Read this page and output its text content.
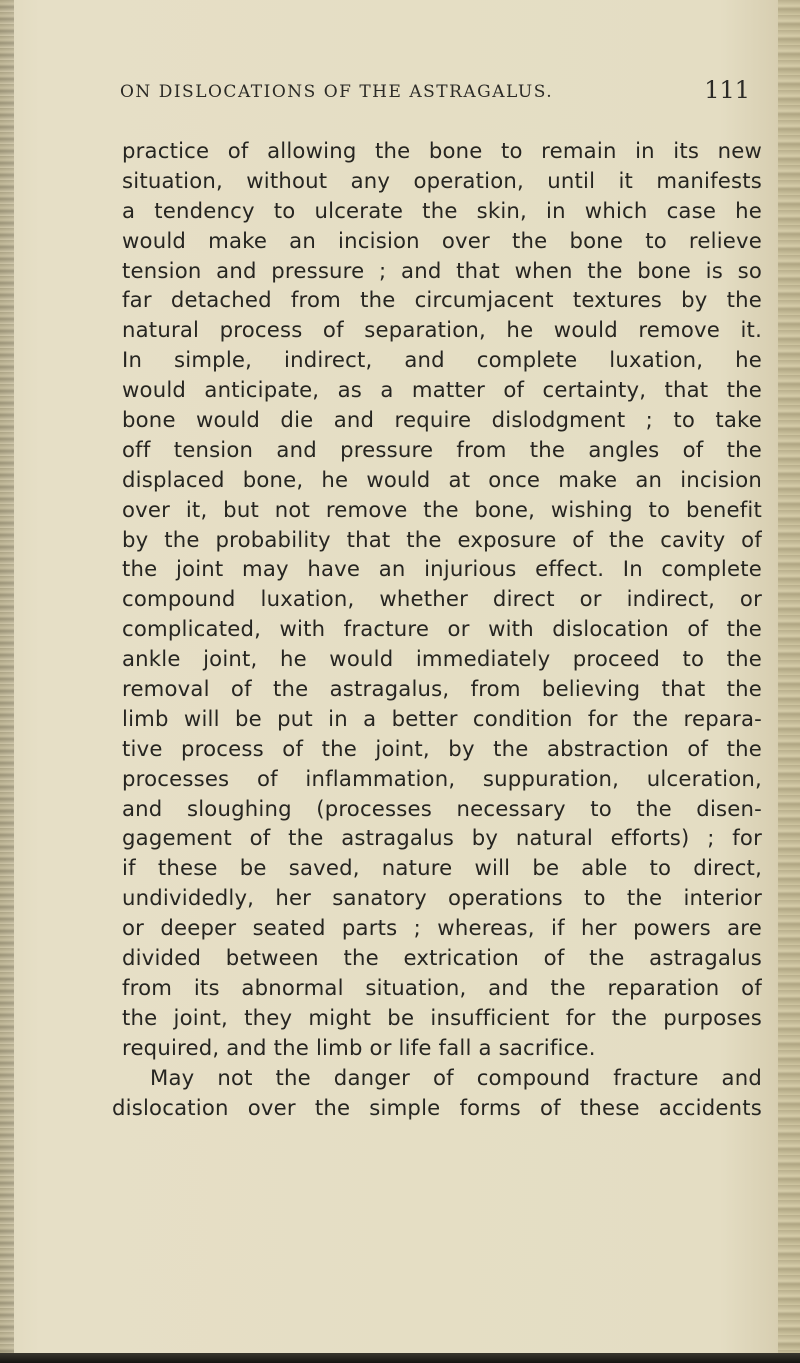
ON DISLOCATIONS OF THE ASTRAGALUS.	111
practice of allowing the bone to remain in its new
situation, without any operation, until it manifests
a tendency to ulcerate the skin, in which case he
would make an incision over the bone to relieve
tension and pressure ; and that when the bone is so
far detached from the circumjacent textures by the
natural process of separation, he would remove it.
In simple, indirect, and complete luxation, he
would anticipate, as a matter of certainty, that the
bone would die and require dislodgment ; to take
off tension and pressure from the angles of the
displaced bone, he would at once make an incision
over it, but not remove the bone, wishing to benefit
by the probability that the exposure of the cavity of
the joint may have an injurious effect. In complete
compound luxation, whether direct or indirect, or
complicated, with fracture or with dislocation of the
ankle joint, he would immediately proceed to the
removal of the astragalus, from believing that the
limb will be put in a better condition for the repara-
tive process of the joint, by the abstraction of the
processes of inflammation, suppuration, ulceration,
and sloughing (processes necessary to the disen-
gagement of the astragalus by natural efforts) ; for
if these be saved, nature will be able to direct,
undividedly, her sanatory operations to the interior
or deeper seated parts ; whereas, if her powers are
divided between the extrication of the astragalus
from its abnormal situation, and the reparation of
the joint, they might be insufficient for the purposes
required, and the limb or life fall a sacrifice.
May not the danger of compound fracture and
dislocation over the simple forms of these accidents
